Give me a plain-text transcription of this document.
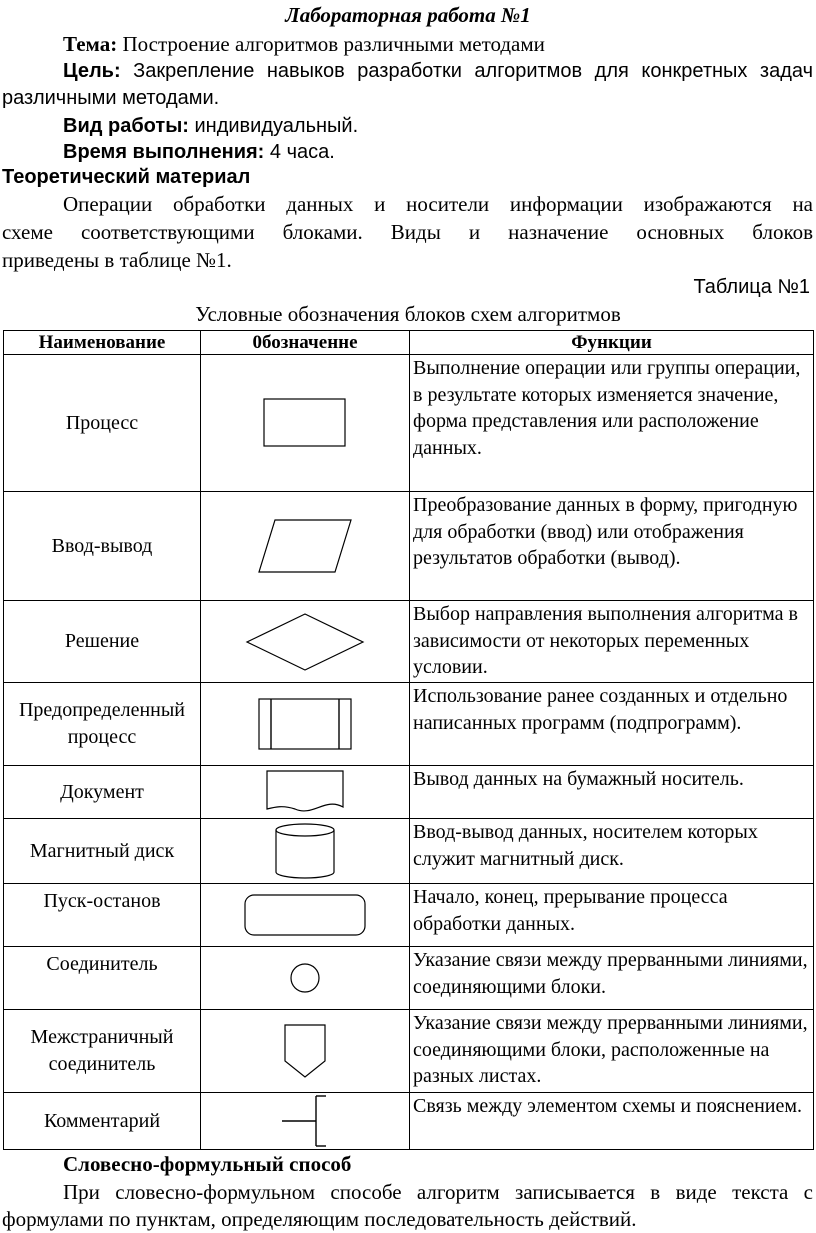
Лабораторная работа №1
Тема: Построение алгоритмов различными методами
Цель: Закрепление навыков разработки алгоритмов для конкретных задач
различными методами.
Вид работы: индивидуальный.
Время выполнения: 4 часа.
Теоретический материал
Операции обработки данных и носители информации изображаются на
схеме соответствующими блоками. Виды и назначение основных блоков
приведены в таблице №1.
Таблица №1
Условные обозначения блоков схем алгоритмов
Наименование	0бозначенне	Функции
Процесс		Выполнение операции или группы операции, в результате которых изменяется значение, форма представления или расположение данных.
Ввод-вывод		Преобразование данных в форму, пригодную для обработки (ввод) или отображения результатов обработки (вывод).
Решение		Выбор направления выполнения алгоритма в зависимости от некоторых переменных условии.
Предопределенный процесс		Использование ранее созданных и отдельно написанных программ (подпрограмм).
Документ		Вывод данных на бумажный носитель.
Магнитный диск		Ввод-вывод данных, носителем которых служит магнитный диск.
Пуск-останов		Начало, конец, прерывание процесса обработки данных.
Соединитель		Указание связи между прерванными линиями, соединяющими блоки.
Межстраничный соединитель		Указание связи между прерванными линиями, соединяющими блоки, расположенные на разных листах.
Комментарий		Связь между элементом схемы и пояснением.
Словесно-формульный способ
При словесно-формульном способе алгоритм записывается в виде текста с
формулами по пунктам, определяющим последовательность действий.
